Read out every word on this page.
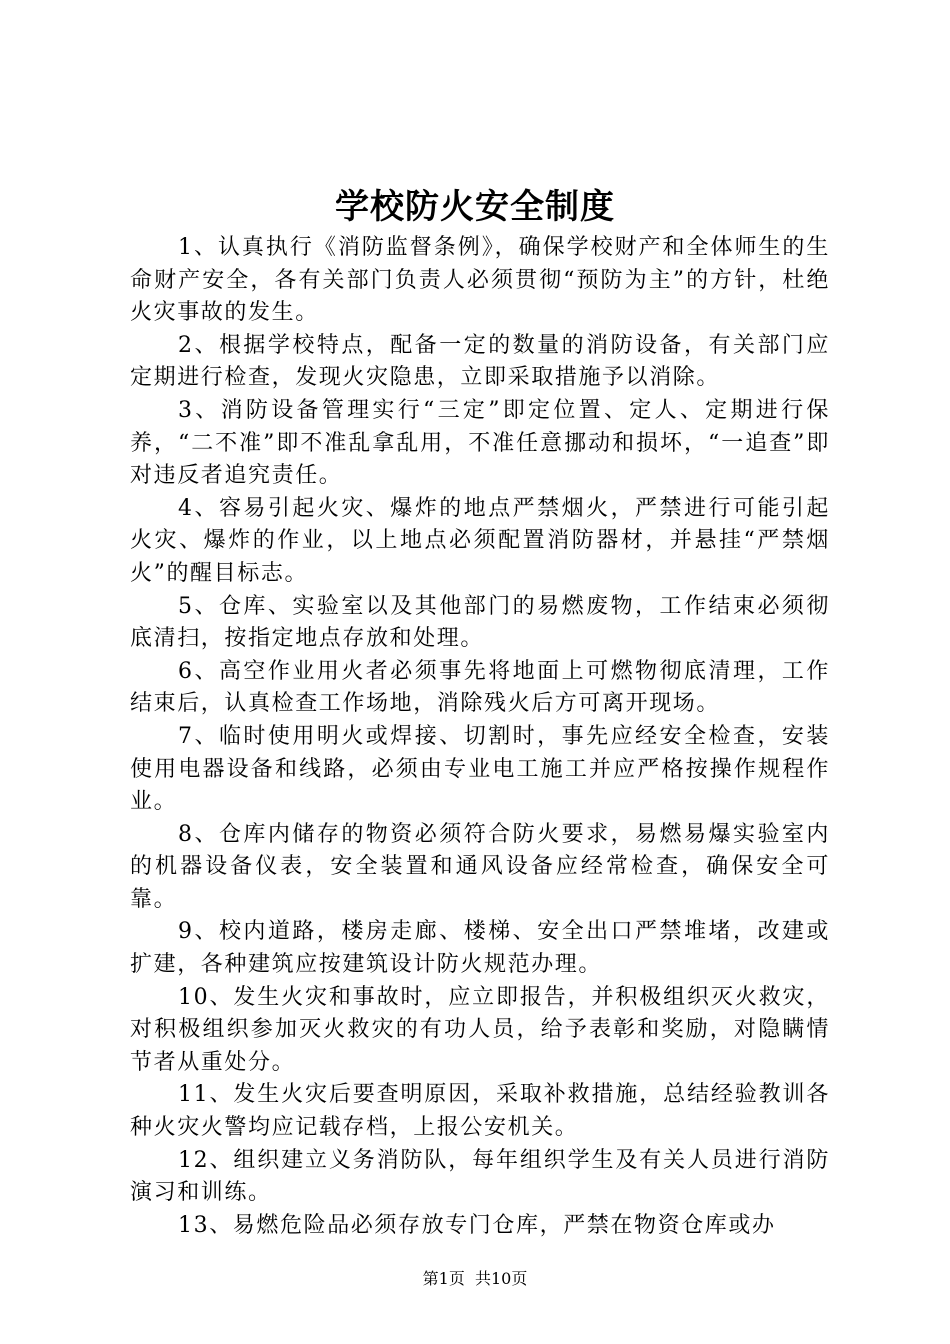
学校防火安全制度

1、认真执行《消防监督条例》，确保学校财产和全体师生的生命财产安全，各有关部门负责人必须贯彻“预防为主”的方针，杜绝火灾事故的发生。

2、根据学校特点，配备一定的数量的消防设备，有关部门应定期进行检查，发现火灾隐患，立即采取措施予以消除。

3、消防设备管理实行“三定”即定位置、定人、定期进行保养，“二不准”即不准乱拿乱用，不准任意挪动和损坏，“一追查”即对违反者追究责任。

4、容易引起火灾、爆炸的地点严禁烟火，严禁进行可能引起火灾、爆炸的作业，以上地点必须配置消防器材，并悬挂“严禁烟火”的醒目标志。

5、仓库、实验室以及其他部门的易燃废物，工作结束必须彻底清扫，按指定地点存放和处理。

6、高空作业用火者必须事先将地面上可燃物彻底清理，工作结束后，认真检查工作场地，消除残火后方可离开现场。

7、临时使用明火或焊接、切割时，事先应经安全检查，安装使用电器设备和线路，必须由专业电工施工并应严格按操作规程作业。

8、仓库内储存的物资必须符合防火要求，易燃易爆实验室内的机器设备仪表，安全装置和通风设备应经常检查，确保安全可靠。

9、校内道路，楼房走廊、楼梯、安全出口严禁堆堵，改建或扩建，各种建筑应按建筑设计防火规范办理。

10、发生火灾和事故时，应立即报告，并积极组织灭火救灾，对积极组织参加灭火救灾的有功人员，给予表彰和奖励，对隐瞒情节者从重处分。

11、发生火灾后要查明原因，采取补救措施，总结经验教训各种火灾火警均应记载存档，上报公安机关。

12、组织建立义务消防队，每年组织学生及有关人员进行消防演习和训练。

13、易燃危险品必须存放专门仓库，严禁在物资仓库或办

第1页  共10页
